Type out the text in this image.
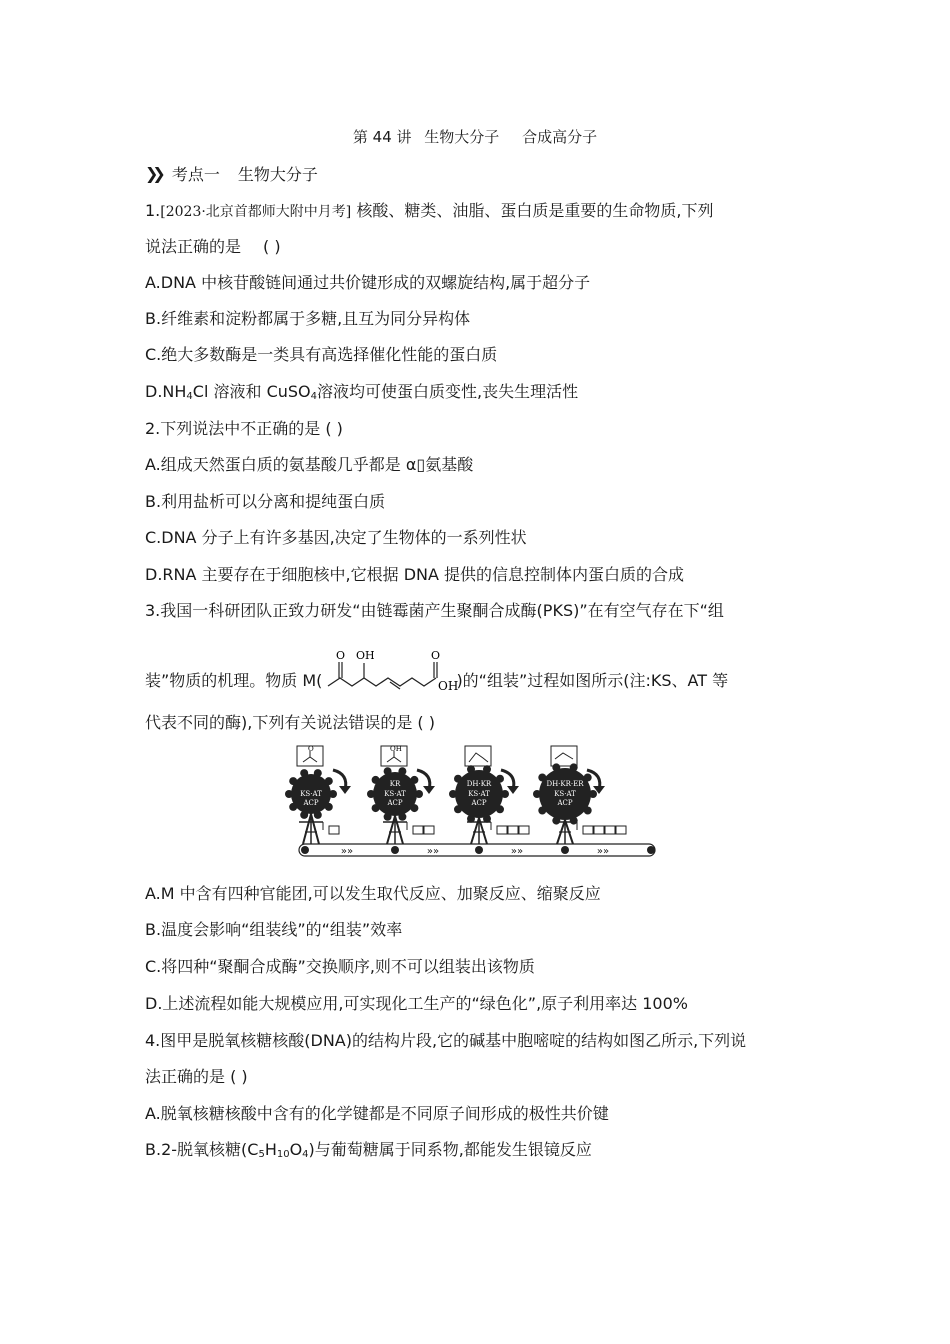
第 44 讲 生物大分子 合成高分子
❯❯ 考点一 生物大分子
1.[2023·北京首都师大附中月考] 核酸、糖类、油脂、蛋白质是重要的生命物质,下列
说法正确的是 ( )
A.DNA 中核苷酸链间通过共价键形成的双螺旋结构,属于超分子
B.纤维素和淀粉都属于多糖,且互为同分异构体
C.绝大多数酶是一类具有高选择催化性能的蛋白质
$D.NH_4Cl$ 溶液和 CuSO$_4$溶液均可使蛋白质变性,丧失生理活性
2.下列说法中不正确的是 ( )
A.组成天然蛋白质的氨基酸几乎都是 α▯氨基酸
B.利用盐析可以分离和提纯蛋白质
C.DNA 分子上有许多基因,决定了生物体的一系列性状
D.RNA 主要存在于细胞核中,它根据 DNA 提供的信息控制体内蛋白质的合成
3.我国一科研团队正致力研发“由链霉菌产生聚酮合成酶(PKS)”在有空气存在下“组
装”物质的机理。物质 M(
O OH	O
OH
)的“组装”过程如图所示(注:KS、AT 等
代表不同的酶),下列有关说法错误的是 ( )
O
KS·AT
ACP
OH
KR
KS·AT
ACP
DH·KR
KS·AT
ACP
DH·KR·ER
KS·AT
ACP
»»	»»	»»	»»
A.M 中含有四种官能团,可以发生取代反应、加聚反应、缩聚反应
B.温度会影响“组装线”的“组装”效率
C.将四种“聚酮合成酶”交换顺序,则不可以组装出该物质
D.上述流程如能大规模应用,可实现化工生产的“绿色化”,原子利用率达 100%
4.图甲是脱氧核糖核酸(DNA)的结构片段,它的碱基中胞嘧啶的结构如图乙所示,下列说
法正确的是 ( )
A.脱氧核糖核酸中含有的化学键都是不同原子间形成的极性共价键
B.2-脱氧核糖$(C_5H_{10}O_4)$与葡萄糖属于同系物,都能发生银镜反应
